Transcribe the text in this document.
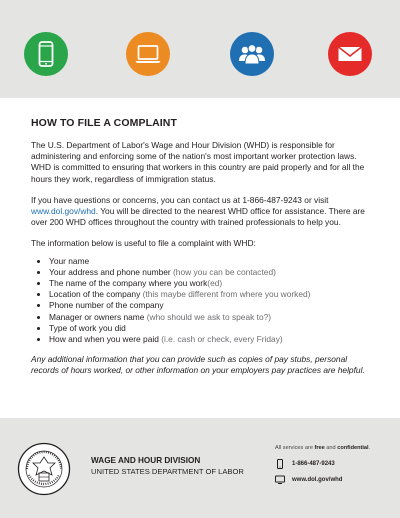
HOW TO FILE A COMPLAINT

The U.S. Department of Labor's Wage and Hour Division (WHD) is responsible for administering and enforcing some of the nation's most important worker protection laws. WHD is committed to ensuring that workers in this country are paid properly and for all the hours they work, regardless of immigration status.

If you have questions or concerns, you can contact us at 1-866-487-9243 or visit www.dol.gov/whd. You will be directed to the nearest WHD office for assistance. There are over 200 WHD offices throughout the country with trained professionals to help you.

The information below is useful to file a complaint with WHD:

• Your name
• Your address and phone number (how you can be contacted)
• The name of the company where you work(ed)
• Location of the company (this maybe different from where you worked)
• Phone number of the company
• Manager or owners name (who should we ask to speak to?)
• Type of work you did
• How and when you were paid (i.e. cash or check, every Friday)

Any additional information that you can provide such as copies of pay stubs, personal records of hours worked, or other information on your employers pay practices are helpful.

WAGE AND HOUR DIVISION
UNITED STATES DEPARTMENT OF LABOR
All services are free and confidential.
1-866-487-9243
www.dol.gov/whd
